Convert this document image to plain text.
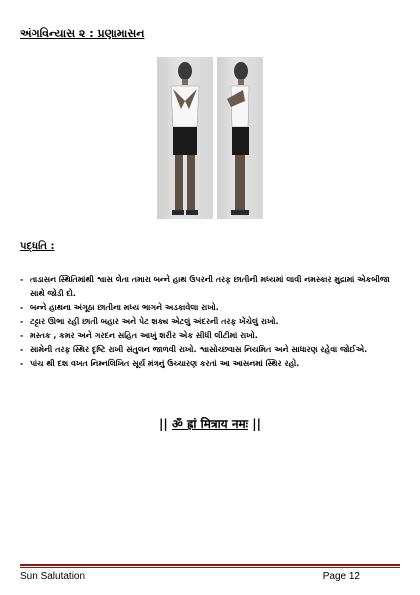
અંગવિન્યાસ ૨ : પ્રણામાસન
પદ્ધતિ :
- તાડાસન સ્થિતિમાંથી શ્વાસ લેતા તમારા બન્ને હાથ ઉપરની તરફ છાતીની મધ્યમાં લાવી નમસ્કાર મુદ્રામાં એકબીજા સાથે જોડી દો.
- બન્ને હાથના અંગૂઠા છાતીના મધ્ય ભાગને અડકાવેલા રાખો.
- ટટ્ટાર ઊભા રહી છાતી બહાર અને પેટ શક્ય એટલું અંદરની તરફ ખેંચેલું રાખો.
- મસ્તક , કમર અને ગરદન સહિત આખું શરીર એક સીધી લીટીમાં રાખો.
- સામેની તરફ સ્થિર દૃષ્ટિ રાખી સંતુલન જાળવી રાખો. શ્વાસોચ્છવાસ નિયમિત અને સાધારણ રહેવા જોઈએ.
- પાંચ થી દશ વખત નિમ્નલિખિત સૂર્ય મંત્રનું ઉચ્ચારણ કરતાં આ આસનમાં સ્થિર રહો.
|| ॐ ह्रां मित्राय नमः ||
Sun Salutation	Page 12
